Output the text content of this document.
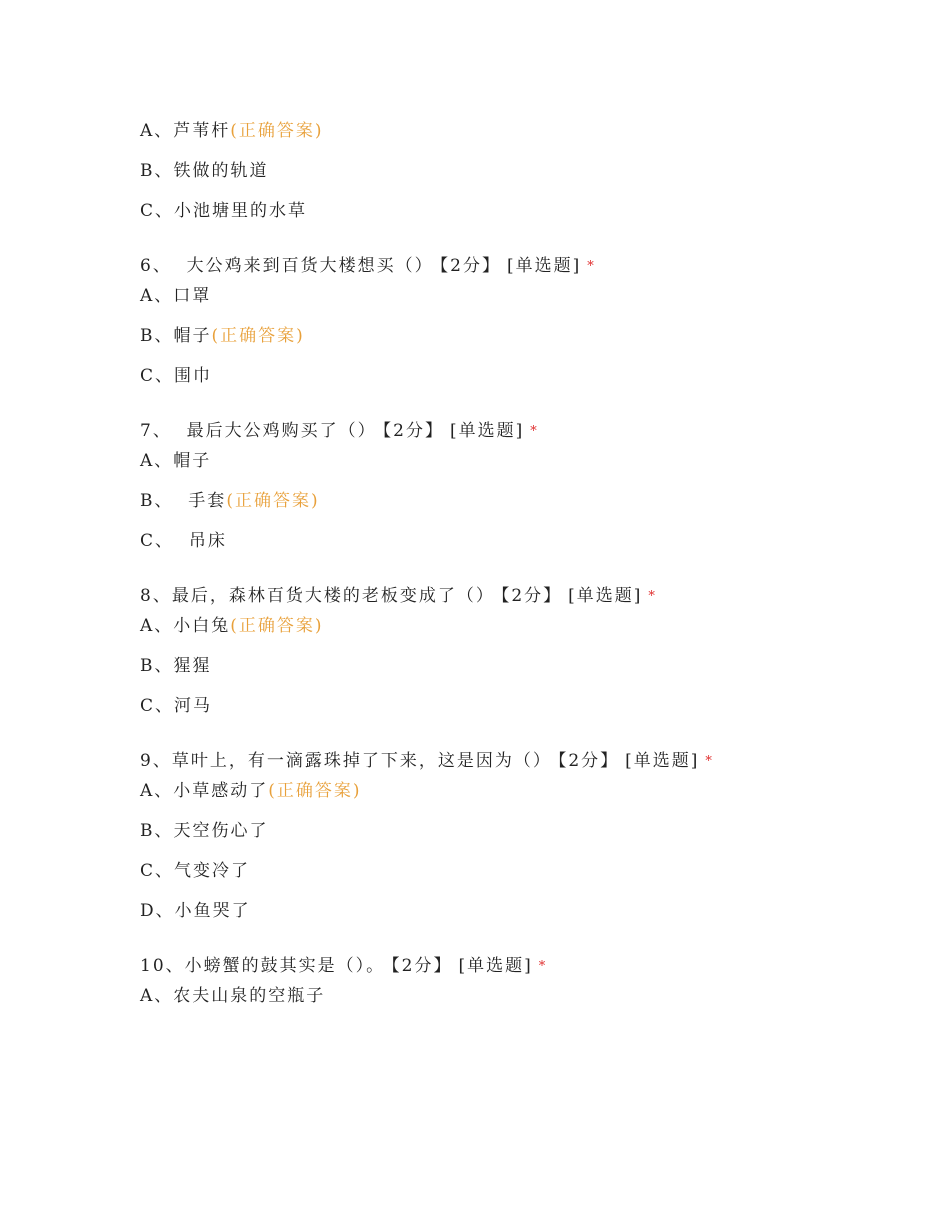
A、芦苇杆(正确答案)
B、铁做的轨道
C、小池塘里的水草
6、  大公鸡来到百货大楼想买（） 【2分】 [单选题] *
A、口罩
B、帽子(正确答案)
C、围巾
7、  最后大公鸡购买了（） 【2分】 [单选题] *
A、帽子
B、  手套(正确答案)
C、  吊床
8、最后，森林百货大楼的老板变成了（） 【2分】 [单选题] *
A、小白兔(正确答案)
B、猩猩
C、河马
9、草叶上，有一滴露珠掉了下来，这是因为（） 【2分】 [单选题] *
A、小草感动了(正确答案)
B、天空伤心了
C、气变冷了
D、小鱼哭了
10、小螃蟹的鼓其实是（）。 【2分】 [单选题] *
A、农夫山泉的空瓶子
